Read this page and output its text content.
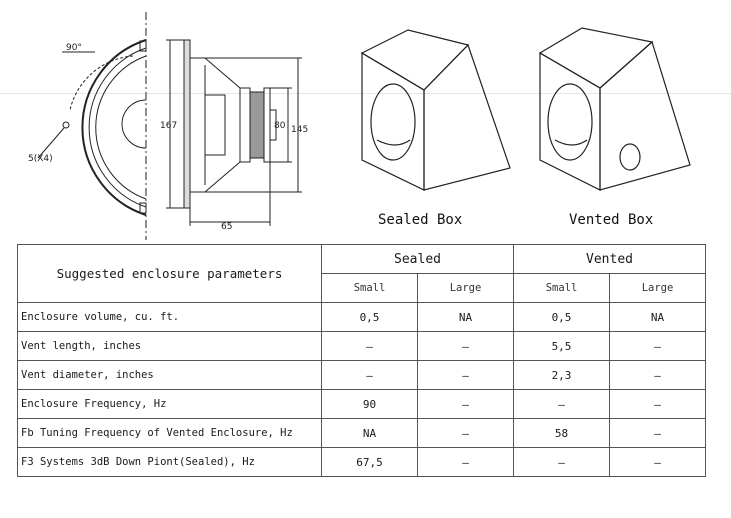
90°
5(X4)
167	80 145
65	Sealed Box	Vented Box
Suggested enclosure parameters	Sealed		Vented	
	Small	Large	Small	Large
Enclosure volume, cu. ft.	0,5	NA	0,5	NA
Vent length, inches	–	–	5,5	–
Vent diameter, inches	–	–	2,3	–
Enclosure Frequency, Hz	90	–	–	–
Fb Tuning Frequency of Vented Enclosure, Hz	NA	–	58	–
F3 Systems 3dB Down Piont(Sealed), Hz	67,5	–	–	–
